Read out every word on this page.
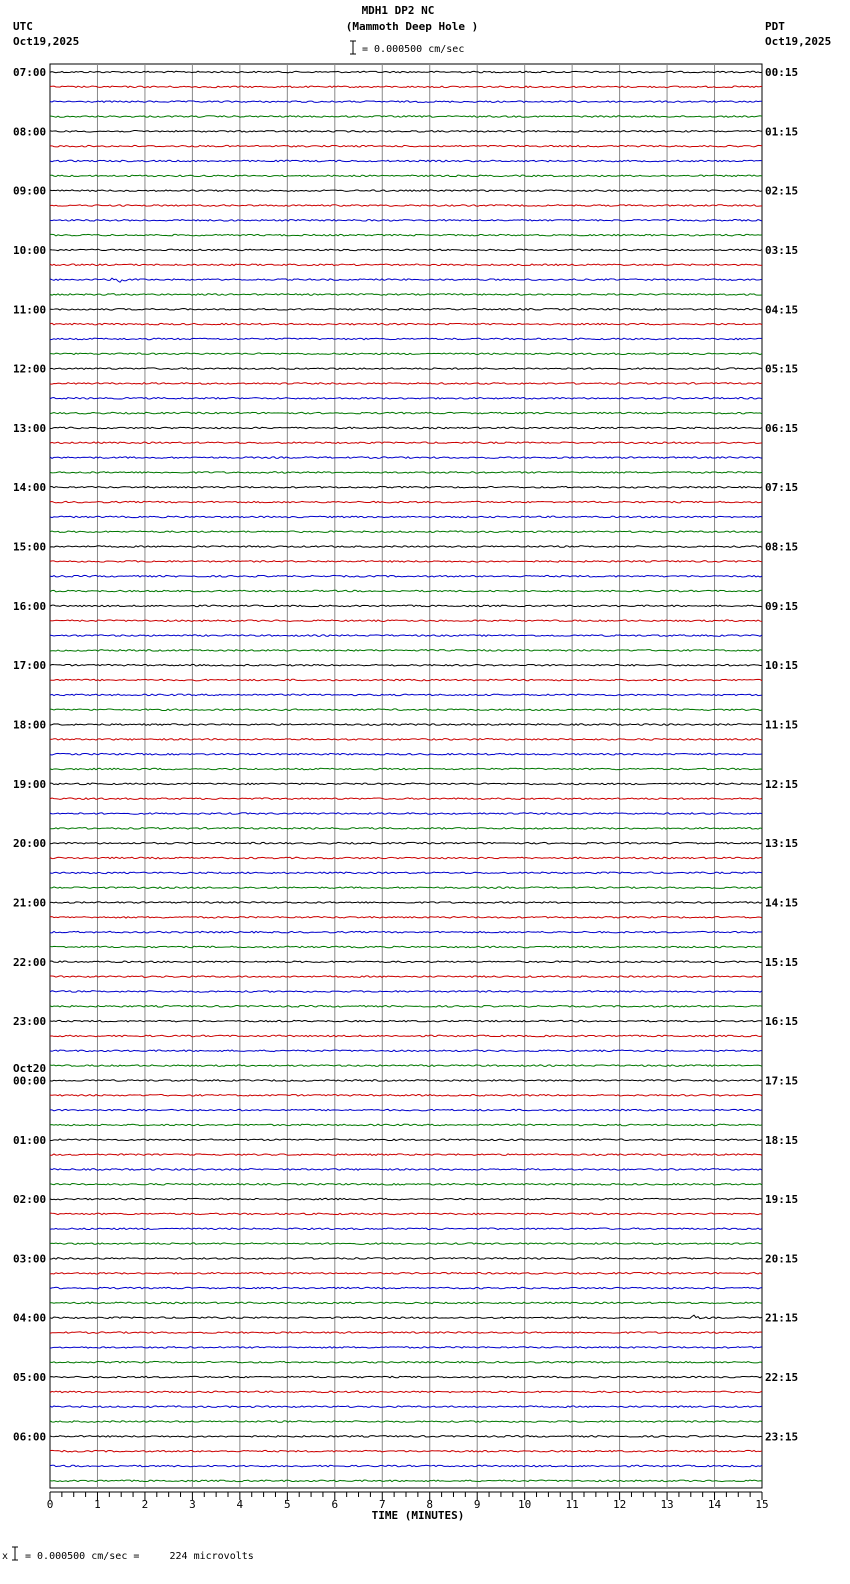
MDH1 DP2 NC
(Mammoth Deep Hole )
= 0.000500 cm/sec
UTC
Oct19,2025
PDT
Oct19,2025
07:00
08:00
09:00
10:00
11:00
12:00
13:00
14:00
15:00
16:00
17:00
18:00
19:00
20:00
21:00
22:00
23:00
00:00
01:00
02:00
03:00
04:00
05:00
06:00
00:15
01:15
02:15
03:15
04:15
05:15
06:15
07:15
08:15
09:15
10:15
11:15
12:15
13:15
14:15
15:15
16:15
17:15
18:15
19:15
20:15
21:15
22:15
23:15
Oct20
0	1	2	3	4	5	6	7	8	9	10	11	12	13	14	15
TIME (MINUTES)
x = 0.000500 cm/sec =     224 microvolts
